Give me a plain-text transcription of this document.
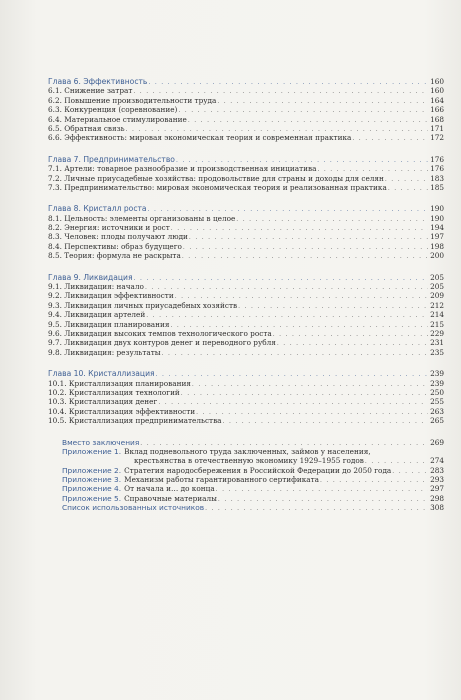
Глава 6. Эффективность . . .	160
6.1. Снижение затрат . . .	160
6.2. Повышение производительности труда . . .	164
6.3. Конкуренция (соревнование) . . .	166
6.4. Материальное стимулирование . . .	168
6.5. Обратная связь . . .	171
6.6. Эффективность: мировая экономическая теория и современная практика . . .	172
Глава 7. Предпринимательство . . .	176
7.1. Артели: товарное разнообразие и производственная инициатива . . .	176
7.2. Личные приусадебные хозяйства: продовольствие для страны и доходы для селян . . .	183
7.3. Предпринимательство: мировая экономическая теория и реализованная практика . . .	185
Глава 8. Кристалл роста . . .	190
8.1. Цельность: элементы организованы в целое . . .	190
8.2. Энергия: источники и рост . . .	194
8.3. Человек: плоды получают люди . . .	197
8.4. Перспективы: образ будущего . . .	198
8.5. Теория: формула не раскрыта . . .	200
Глава 9. Ликвидация . . .	205
9.1. Ликвидация: начало . . .	205
9.2. Ликвидация эффективности . . .	209
9.3. Ликвидация личных приусадебных хозяйств . . .	212
9.4. Ликвидация артелей . . .	214
9.5. Ликвидация планирования . . .	215
9.6. Ликвидация высоких темпов технологического роста . . .	229
9.7. Ликвидация двух контуров денег и переводного рубля . . .	231
9.8. Ликвидация: результаты . . .	235
Глава 10. Кристаллизация . . .	239
10.1. Кристаллизация планирования . . .	239
10.2. Кристаллизация технологий . . .	250
10.3. Кристаллизация денег . . .	255
10.4. Кристаллизация эффективности . . .	263
10.5. Кристаллизация предпринимательства . . .	265
Вместо заключения . . .	269
Приложение 1. Вклад подневольного труда заключенных, займов у населения,
крестьянства в отечественную экономику 1929–1955 годов . . .	274
Приложение 2. Стратегия народосбережения в Российской Федерации до 2050 года . . .	283
Приложение 3. Механизм работы гарантированного сертификата . . .	293
Приложение 4. От начала и… до конца . . .	297
Приложение 5. Справочные материалы . . .	298
Список использованных источников . . .	308
